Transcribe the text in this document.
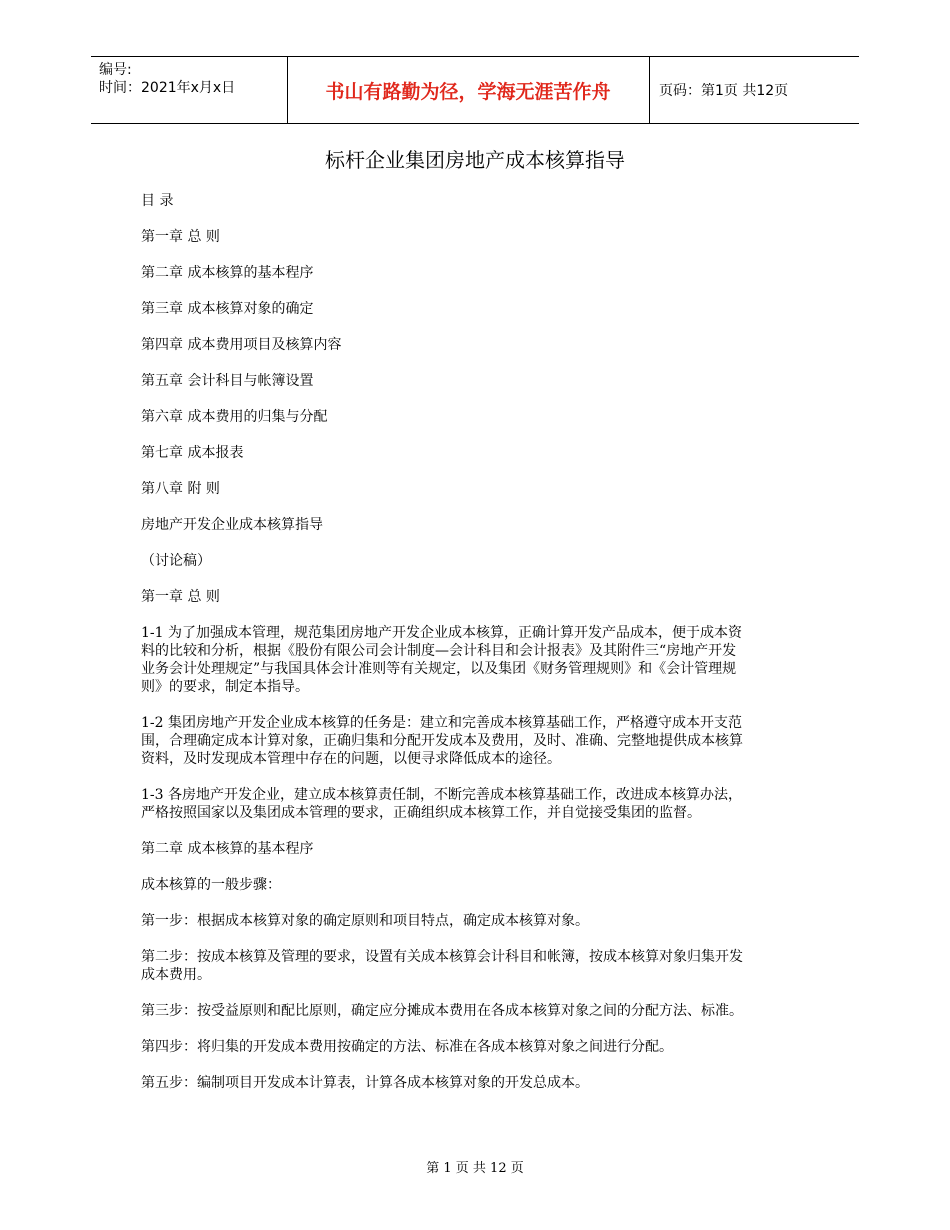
编号:
时间：2021年x月x日	书山有路勤为径，学海无涯苦作舟	页码：第1页 共12页
标杆企业集团房地产成本核算指导

目 录

第一章 总 则

第二章 成本核算的基本程序

第三章 成本核算对象的确定

第四章 成本费用项目及核算内容

第五章 会计科目与帐簿设置

第六章 成本费用的归集与分配

第七章 成本报表

第八章 附 则

房地产开发企业成本核算指导

（讨论稿）

第一章 总 则

1-1 为了加强成本管理，规范集团房地产开发企业成本核算，正确计算开发产品成本，便于成本资

料的比较和分析，根据《股份有限公司会计制度—会计科目和会计报表》及其附件三“房地产开发

业务会计处理规定”与我国具体会计准则等有关规定，以及集团《财务管理规则》和《会计管理规

则》的要求，制定本指导。

1-2 集团房地产开发企业成本核算的任务是：建立和完善成本核算基础工作，严格遵守成本开支范

围，合理确定成本计算对象，正确归集和分配开发成本及费用，及时、准确、完整地提供成本核算

资料，及时发现成本管理中存在的问题，以便寻求降低成本的途径。

1-3 各房地产开发企业，建立成本核算责任制，不断完善成本核算基础工作，改进成本核算办法，

严格按照国家以及集团成本管理的要求，正确组织成本核算工作，并自觉接受集团的监督。

第二章 成本核算的基本程序

成本核算的一般步骤：

第一步：根据成本核算对象的确定原则和项目特点，确定成本核算对象。

第二步：按成本核算及管理的要求，设置有关成本核算会计科目和帐簿，按成本核算对象归集开发

成本费用。

第三步：按受益原则和配比原则，确定应分摊成本费用在各成本核算对象之间的分配方法、标准。

第四步：将归集的开发成本费用按确定的方法、标准在各成本核算对象之间进行分配。

第五步：编制项目开发成本计算表，计算各成本核算对象的开发总成本。

第 1 页 共 12 页
